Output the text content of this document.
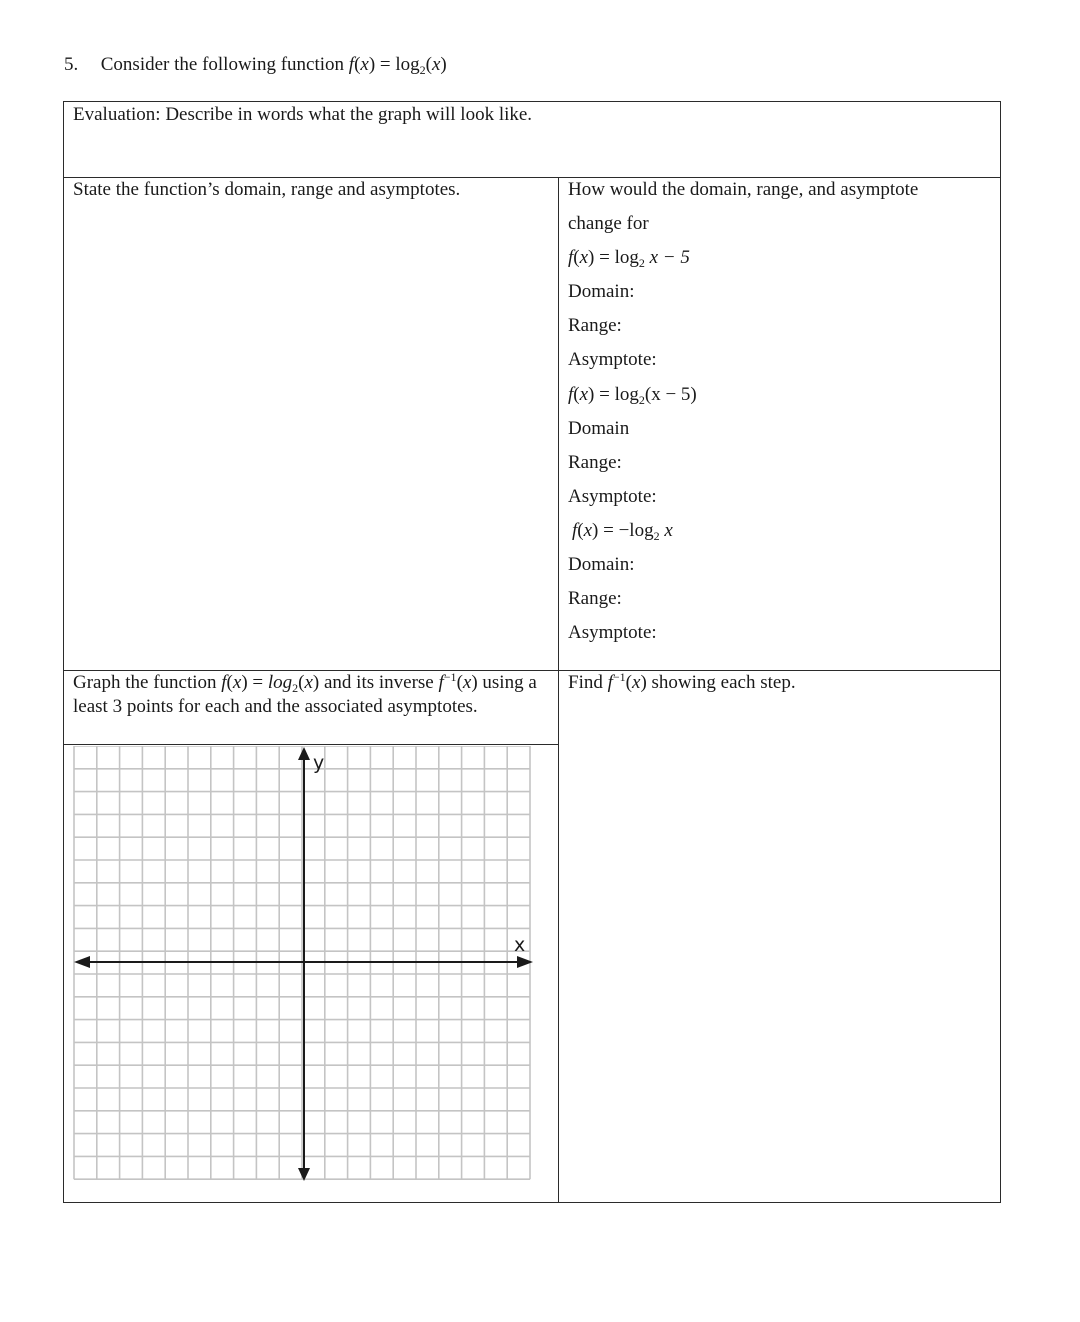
5. Consider the following function $f(x) = \log_2(x)$
Evaluation: Describe in words what the graph will look like.
State the function’s domain, range and asymptotes.	How would the domain, range, and asymptote
change for
$f(x) = \log_2 x - 5$
Domain:
Range:
Asymptote:
$f(x) = \log_2(x - 5)$
Domain
Range:
Asymptote:
$f(x) = -\log_2$ x
Domain:
Range:
Asymptote:
Graph the function $f(x) = \log_2(x)$ and its inverse $f^{-1}(x)$ using a least 3 points for each and the associated asymptotes.
Find $f^{-1}(x)$ showing each step.
x
y
